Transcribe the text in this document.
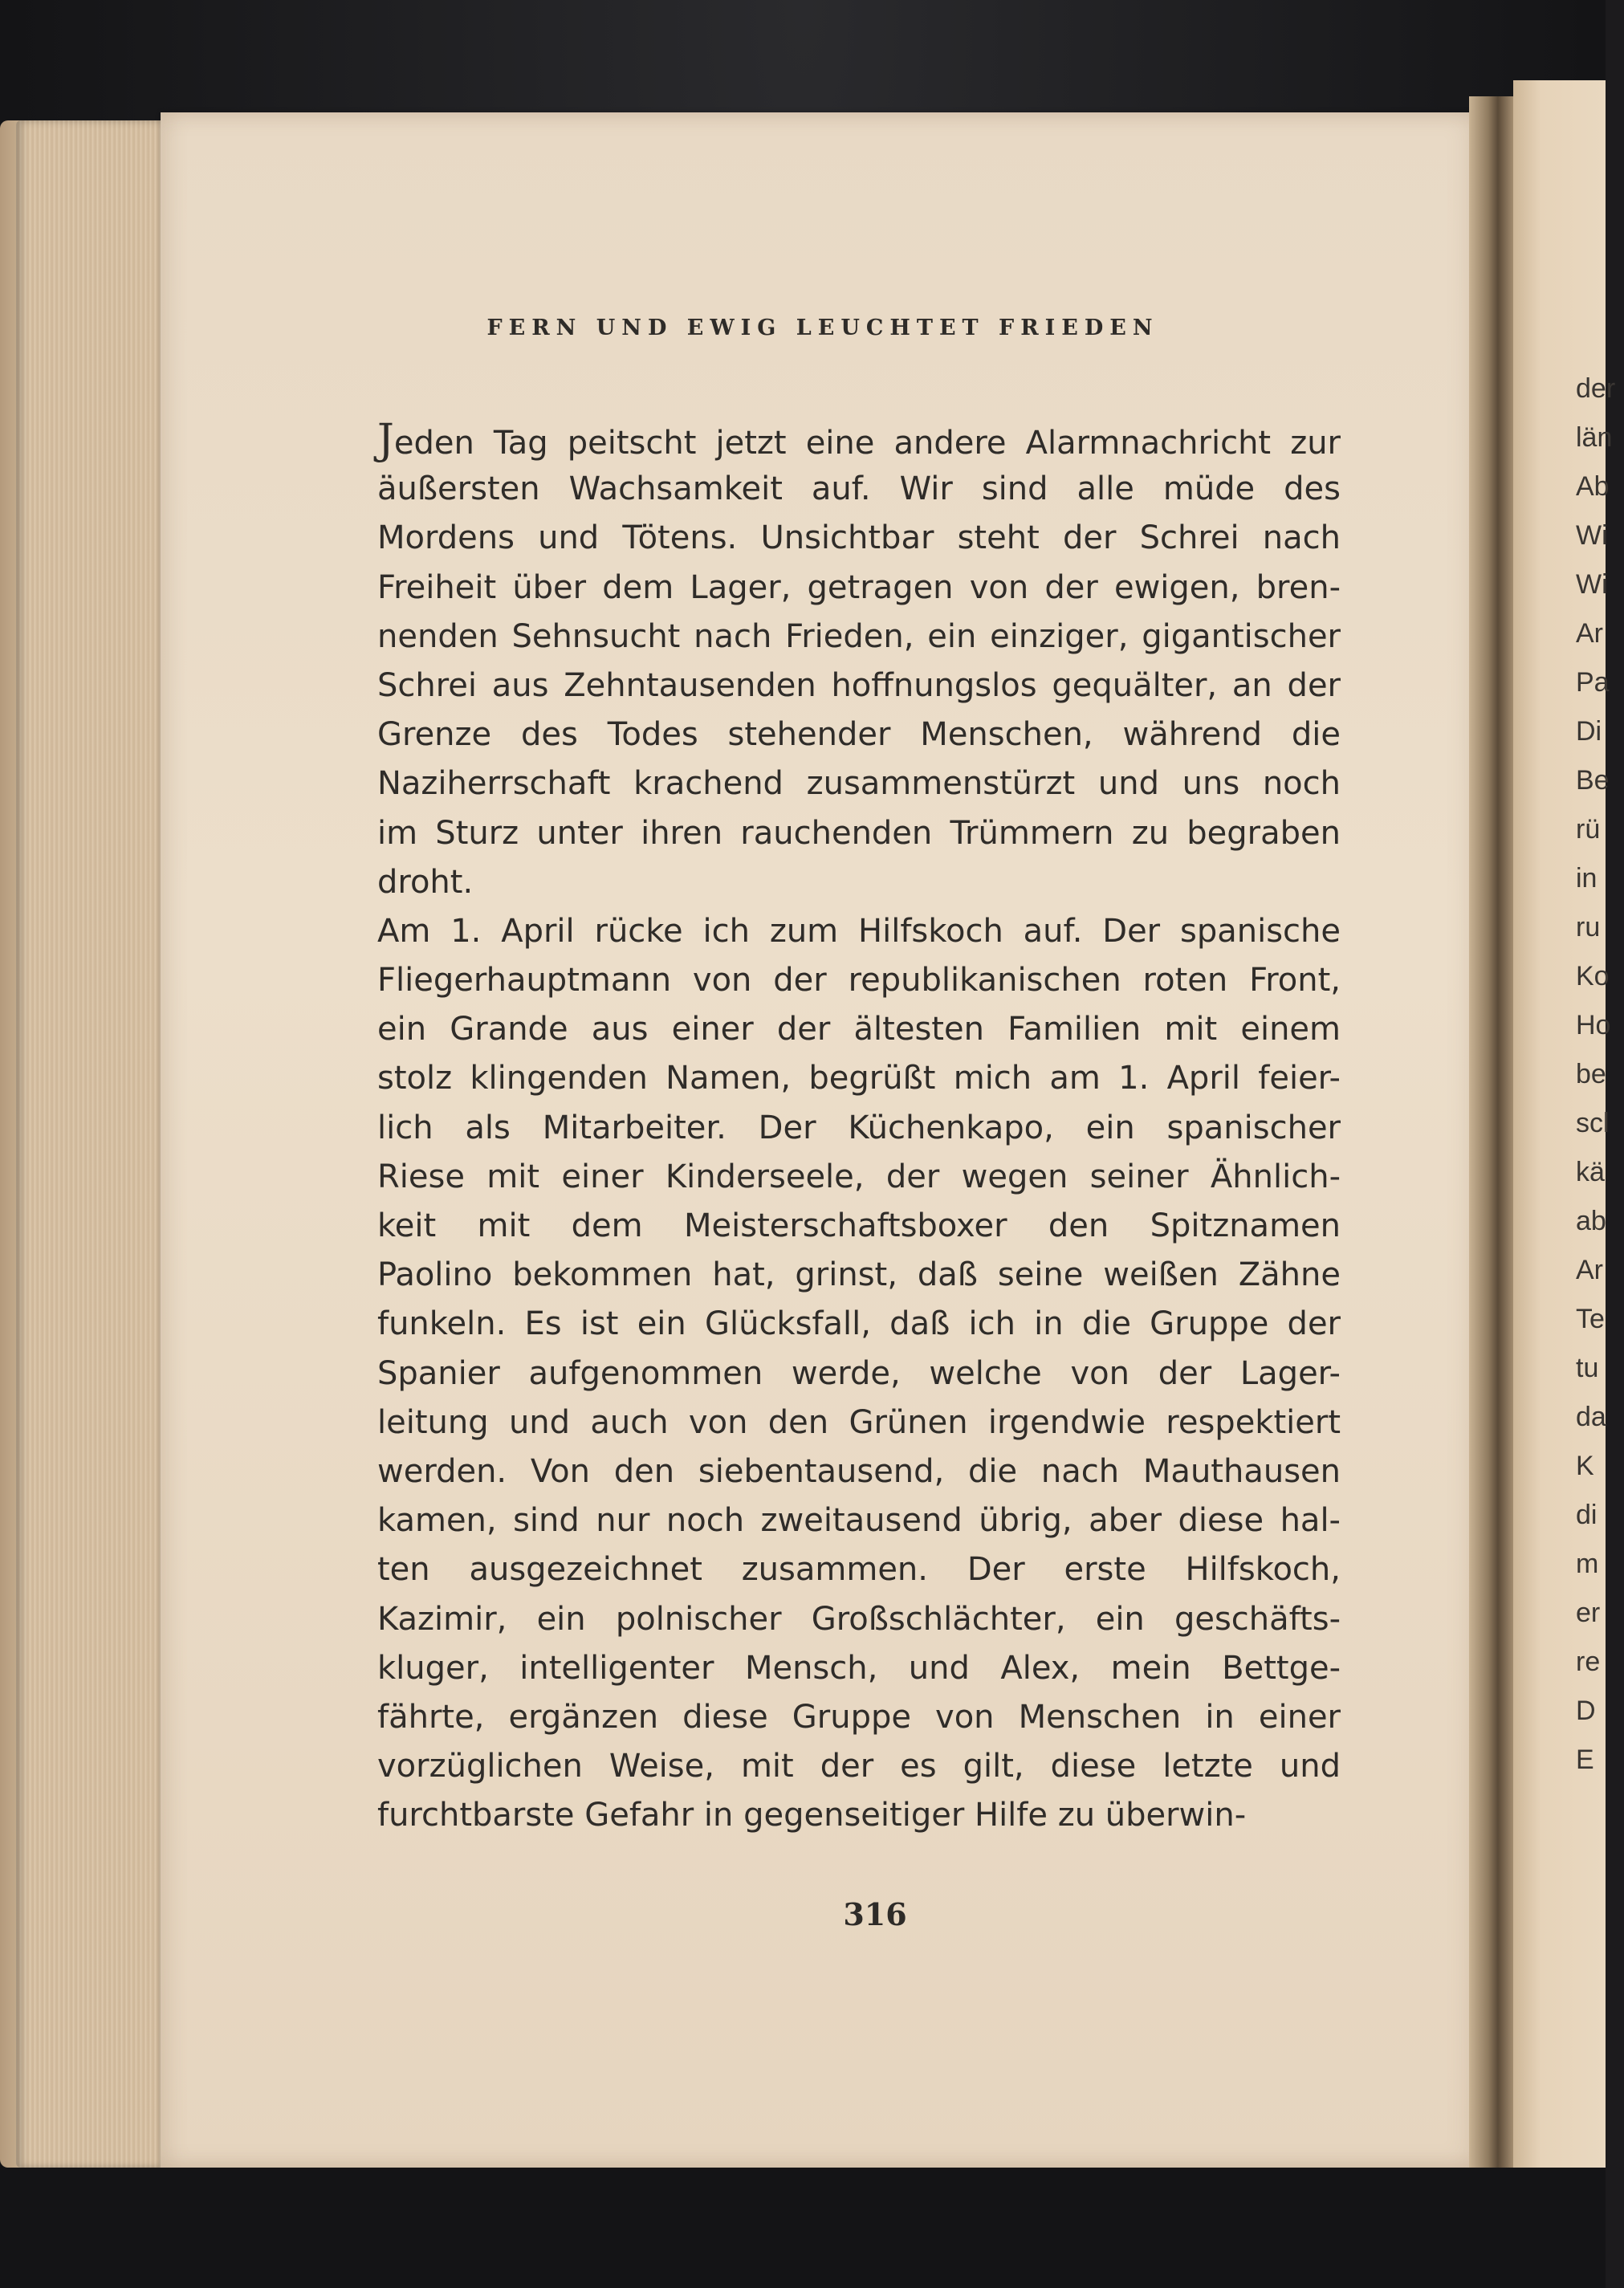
FERN UND EWIG LEUCHTET FRIEDEN
Jeden Tag peitscht jetzt eine andere Alarmnachricht zur
äußersten Wachsamkeit auf. Wir sind alle müde des
Mordens und Tötens. Unsichtbar steht der Schrei nach
Freiheit über dem Lager, getragen von der ewigen, bren-
nenden Sehnsucht nach Frieden, ein einziger, gigantischer
Schrei aus Zehntausenden hoffnungslos gequälter, an der
Grenze des Todes stehender Menschen, während die
Naziherrschaft krachend zusammenstürzt und uns noch
im Sturz unter ihren rauchenden Trümmern zu begraben
droht.
Am 1. April rücke ich zum Hilfskoch auf. Der spanische
Fliegerhauptmann von der republikanischen roten Front,
ein Grande aus einer der ältesten Familien mit einem
stolz klingenden Namen, begrüßt mich am 1. April feier-
lich als Mitarbeiter. Der Küchenkapo, ein spanischer
Riese mit einer Kinderseele, der wegen seiner Ähnlich-
keit mit dem Meisterschaftsboxer den Spitznamen
Paolino bekommen hat, grinst, daß seine weißen Zähne
funkeln. Es ist ein Glücksfall, daß ich in die Gruppe der
Spanier aufgenommen werde, welche von der Lager-
leitung und auch von den Grünen irgendwie respektiert
werden. Von den siebentausend, die nach Mauthausen
kamen, sind nur noch zweitausend übrig, aber diese hal-
ten ausgezeichnet zusammen. Der erste Hilfskoch,
Kazimir, ein polnischer Großschlächter, ein geschäfts-
kluger, intelligenter Mensch, und Alex, mein Bettge-
fährte, ergänzen diese Gruppe von Menschen in einer
vorzüglichen Weise, mit der es gilt, diese letzte und
furchtbarste Gefahr in gegenseitiger Hilfe zu überwin-
316
der
län
Ab
Wi
Wi
Ar
Pa
Di
Be
rü
in
ru
Ko
Ho
be
scl
kä
ab
Ar
Te
tu
da
K
di
m
er
re
D
E
